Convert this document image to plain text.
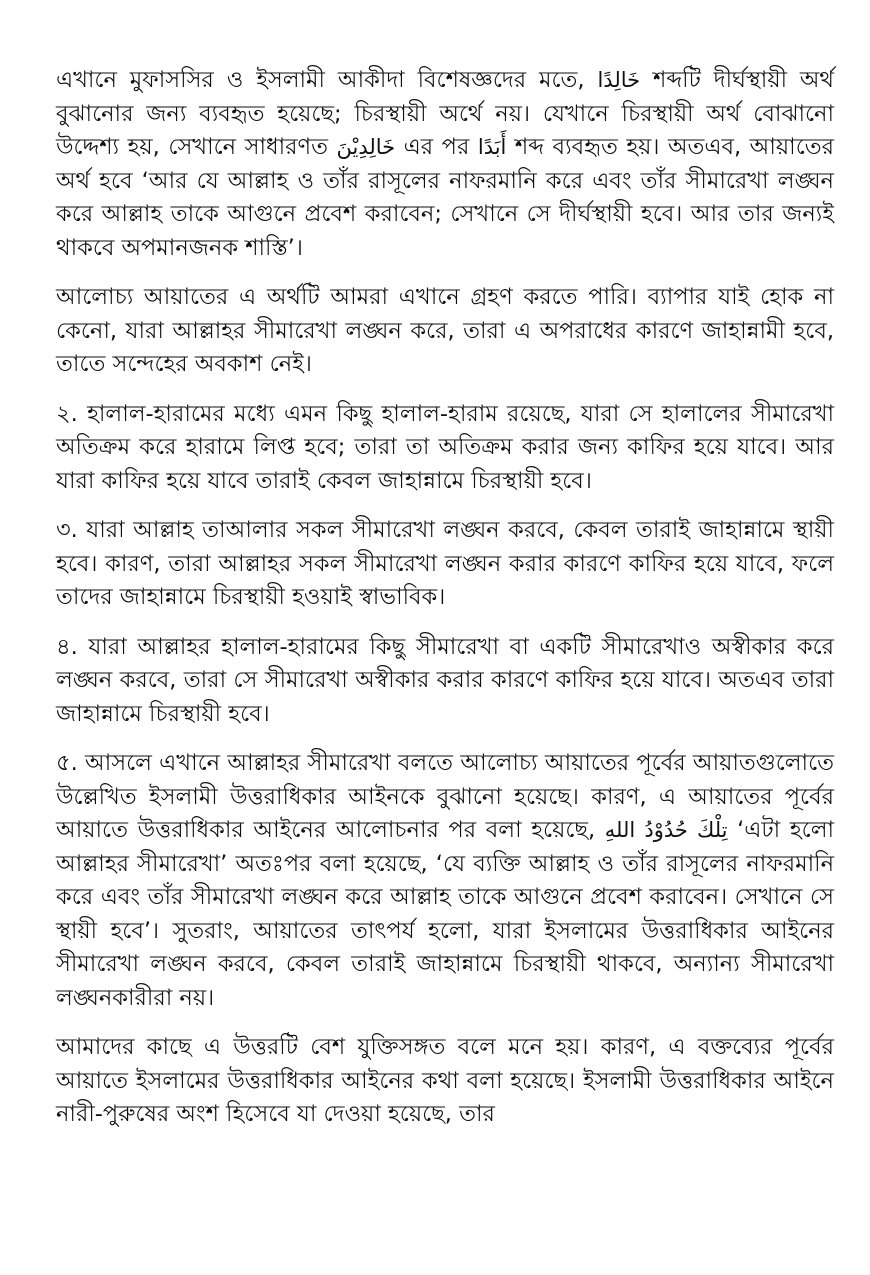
এখানে মুফাসসির ও ইসলামী আকীদা বিশেষজ্ঞদের মতে, خَالِدًا শব্দটি দীর্ঘস্থায়ী অর্থ বুঝানোর জন্য ব্যবহৃত হয়েছে; চিরস্থায়ী অর্থে নয়। যেখানে চিরস্থায়ী অর্থ বোঝানো উদ্দেশ্য হয়, সেখানে সাধারণত خَالِدِيْنَ এর পর أَبَدًا শব্দ ব্যবহৃত হয়। অতএব, আয়াতের অর্থ হবে ‘আর যে আল্লাহ ও তাঁর রাসূলের নাফরমানি করে এবং তাঁর সীমারেখা লঙ্ঘন করে আল্লাহ তাকে আগুনে প্রবেশ করাবেন; সেখানে সে দীর্ঘস্থায়ী হবে। আর তার জন্যই থাকবে অপমানজনক শাস্তি’।

আলোচ্য আয়াতের এ অর্থটি আমরা এখানে গ্রহণ করতে পারি। ব্যাপার যাই হোক না কেনো, যারা আল্লাহর সীমারেখা লঙ্ঘন করে, তারা এ অপরাধের কারণে জাহান্নামী হবে, তাতে সন্দেহের অবকাশ নেই।

২. হালাল-হারামের মধ্যে এমন কিছু হালাল-হারাম রয়েছে, যারা সে হালালের সীমারেখা অতিক্রম করে হারামে লিপ্ত হবে; তারা তা অতিক্রম করার জন্য কাফির হয়ে যাবে। আর যারা কাফির হয়ে যাবে তারাই কেবল জাহান্নামে চিরস্থায়ী হবে।

৩. যারা আল্লাহ তাআলার সকল সীমারেখা লঙ্ঘন করবে, কেবল তারাই জাহান্নামে স্থায়ী হবে। কারণ, তারা আল্লাহর সকল সীমারেখা লঙ্ঘন করার কারণে কাফির হয়ে যাবে, ফলে তাদের জাহান্নামে চিরস্থায়ী হওয়াই স্বাভাবিক।

৪. যারা আল্লাহর হালাল-হারামের কিছু সীমারেখা বা একটি সীমারেখাও অস্বীকার করে লঙ্ঘন করবে, তারা সে সীমারেখা অস্বীকার করার কারণে কাফির হয়ে যাবে। অতএব তারা জাহান্নামে চিরস্থায়ী হবে।

৫. আসলে এখানে আল্লাহর সীমারেখা বলতে আলোচ্য আয়াতের পূর্বের আয়াতগুলোতে উল্লেখিত ইসলামী উত্তরাধিকার আইনকে বুঝানো হয়েছে। কারণ, এ আয়াতের পূর্বের আয়াতে উত্তরাধিকার আইনের আলোচনার পর বলা হয়েছে, تِلْكَ حُدُوْدُ اللهِ ‘এটা হলো আল্লাহর সীমারেখা’ অতঃপর বলা হয়েছে, ‘যে ব্যক্তি আল্লাহ ও তাঁর রাসূলের নাফরমানি করে এবং তাঁর সীমারেখা লঙ্ঘন করে আল্লাহ তাকে আগুনে প্রবেশ করাবেন। সেখানে সে স্থায়ী হবে’। সুতরাং, আয়াতের তাৎপর্য হলো, যারা ইসলামের উত্তরাধিকার আইনের সীমারেখা লঙ্ঘন করবে, কেবল তারাই জাহান্নামে চিরস্থায়ী থাকবে, অন্যান্য সীমারেখা লঙ্ঘনকারীরা নয়।

আমাদের কাছে এ উত্তরটি বেশ যুক্তিসঙ্গত বলে মনে হয়। কারণ, এ বক্তব্যের পূর্বের আয়াতে ইসলামের উত্তরাধিকার আইনের কথা বলা হয়েছে। ইসলামী উত্তরাধিকার আইনে নারী-পুরুষের অংশ হিসেবে যা দেওয়া হয়েছে, তার
